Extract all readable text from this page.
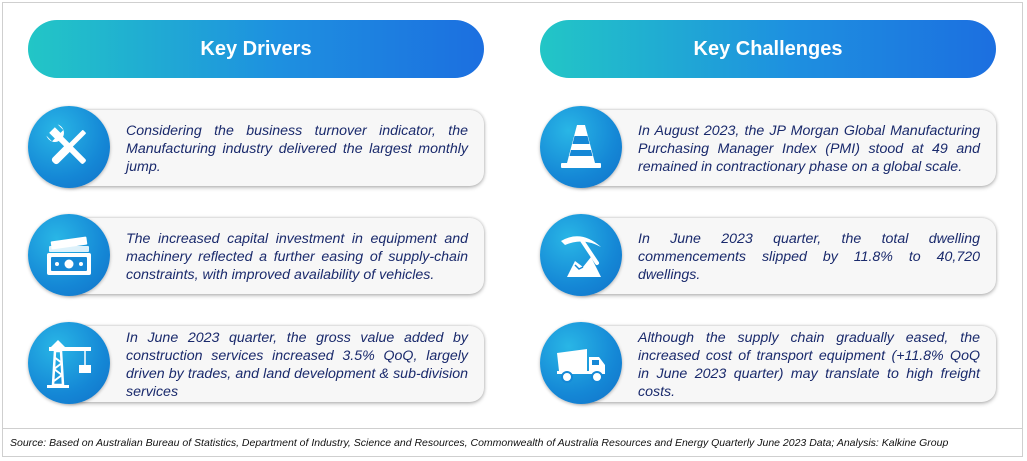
Key Drivers
Considering the business turnover indicator, the Manufacturing industry delivered the largest monthly jump.
The increased capital investment in equipment and machinery reflected a further easing of supply-chain constraints, with improved availability of vehicles.
In June 2023 quarter, the gross value added by construction services increased 3.5% QoQ, largely driven by trades, and land development & sub-division services
Key Challenges
In August 2023, the JP Morgan Global Manufacturing Purchasing Manager Index (PMI) stood at 49 and remained in contractionary phase on a global scale.
In June 2023 quarter, the total dwelling commencements slipped by 11.8% to 40,720 dwellings.
Although the supply chain gradually eased, the increased cost of transport equipment (+11.8% QoQ in June 2023 quarter) may translate to high freight costs.
Source: Based on Australian Bureau of Statistics, Department of Industry, Science and Resources, Commonwealth of Australia Resources and Energy Quarterly June 2023 Data; Analysis: Kalkine Group
